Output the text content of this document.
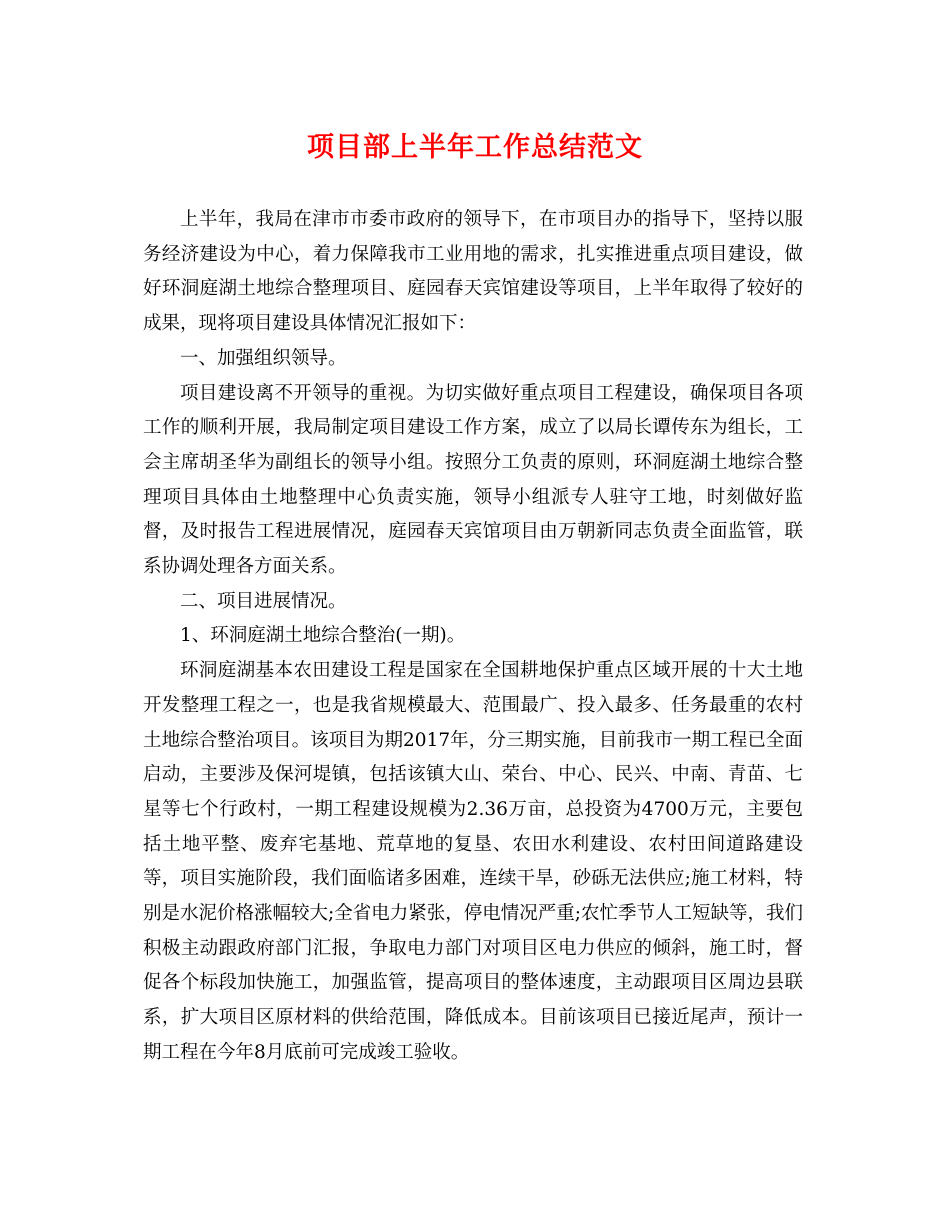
项目部上半年工作总结范文

上半年，我局在津市市委市政府的领导下，在市项目办的指导下，坚持以服务经济建设为中心，着力保障我市工业用地的需求，扎实推进重点项目建设，做好环洞庭湖土地综合整理项目、庭园春天宾馆建设等项目，上半年取得了较好的成果，现将项目建设具体情况汇报如下：

一、加强组织领导。

项目建设离不开领导的重视。为切实做好重点项目工程建设，确保项目各项工作的顺利开展，我局制定项目建设工作方案，成立了以局长谭传东为组长，工会主席胡圣华为副组长的领导小组。按照分工负责的原则，环洞庭湖土地综合整理项目具体由土地整理中心负责实施，领导小组派专人驻守工地，时刻做好监督，及时报告工程进展情况，庭园春天宾馆项目由万朝新同志负责全面监管，联系协调处理各方面关系。

二、项目进展情况。

1、环洞庭湖土地综合整治(一期)。

环洞庭湖基本农田建设工程是国家在全国耕地保护重点区域开展的十大土地开发整理工程之一，也是我省规模最大、范围最广、投入最多、任务最重的农村土地综合整治项目。该项目为期2017年，分三期实施，目前我市一期工程已全面启动，主要涉及保河堤镇，包括该镇大山、荣台、中心、民兴、中南、青苗、七星等七个行政村，一期工程建设规模为2.36万亩，总投资为4700万元，主要包括土地平整、废弃宅基地、荒草地的复垦、农田水利建设、农村田间道路建设等，项目实施阶段，我们面临诸多困难，连续干旱，砂砾无法供应;施工材料，特别是水泥价格涨幅较大;全省电力紧张，停电情况严重;农忙季节人工短缺等，我们积极主动跟政府部门汇报，争取电力部门对项目区电力供应的倾斜，施工时，督促各个标段加快施工，加强监管，提高项目的整体速度，主动跟项目区周边县联系，扩大项目区原材料的供给范围，降低成本。目前该项目已接近尾声，预计一期工程在今年8月底前可完成竣工验收。
